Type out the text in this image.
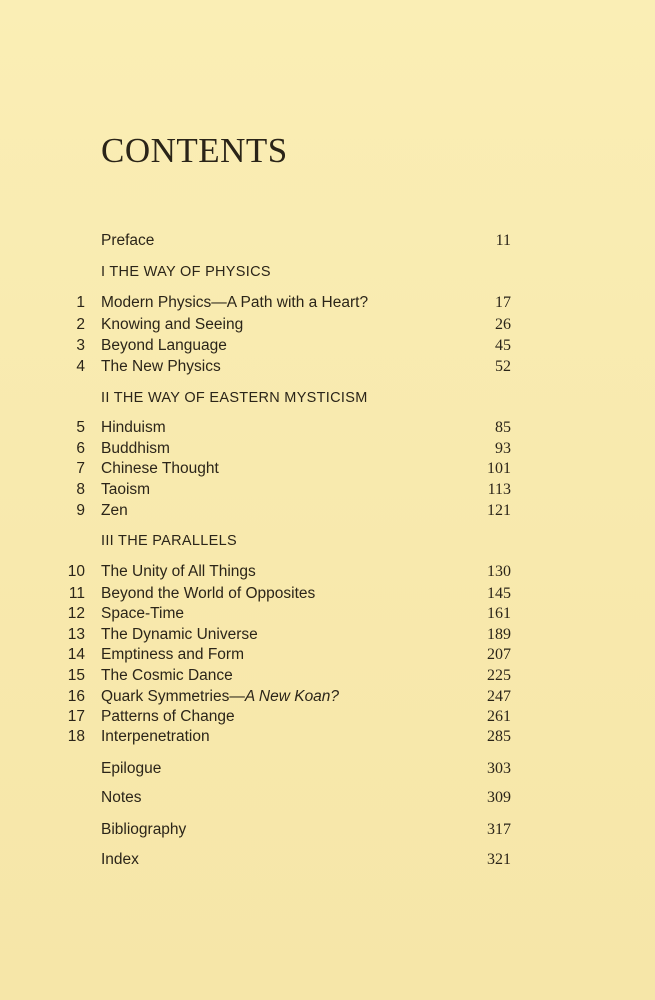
CONTENTS
Preface	11
I THE WAY OF PHYSICS
1 Modern Physics—A Path with a Heart?	17
2 Knowing and Seeing	26
3 Beyond Language	45
4 The New Physics	52
II THE WAY OF EASTERN MYSTICISM
5 Hinduism	85
6 Buddhism	93
7 Chinese Thought	101
8 Taoism	113
9 Zen	121
III THE PARALLELS
10 The Unity of All Things	130
11 Beyond the World of Opposites	145
12 Space-Time	161
13 The Dynamic Universe	189
14 Emptiness and Form	207
15 The Cosmic Dance	225
16 Quark Symmetries—A New Koan?	247
17 Patterns of Change	261
18 Interpenetration	285
Epilogue	303
Notes	309
Bibliography	317
Index	321
